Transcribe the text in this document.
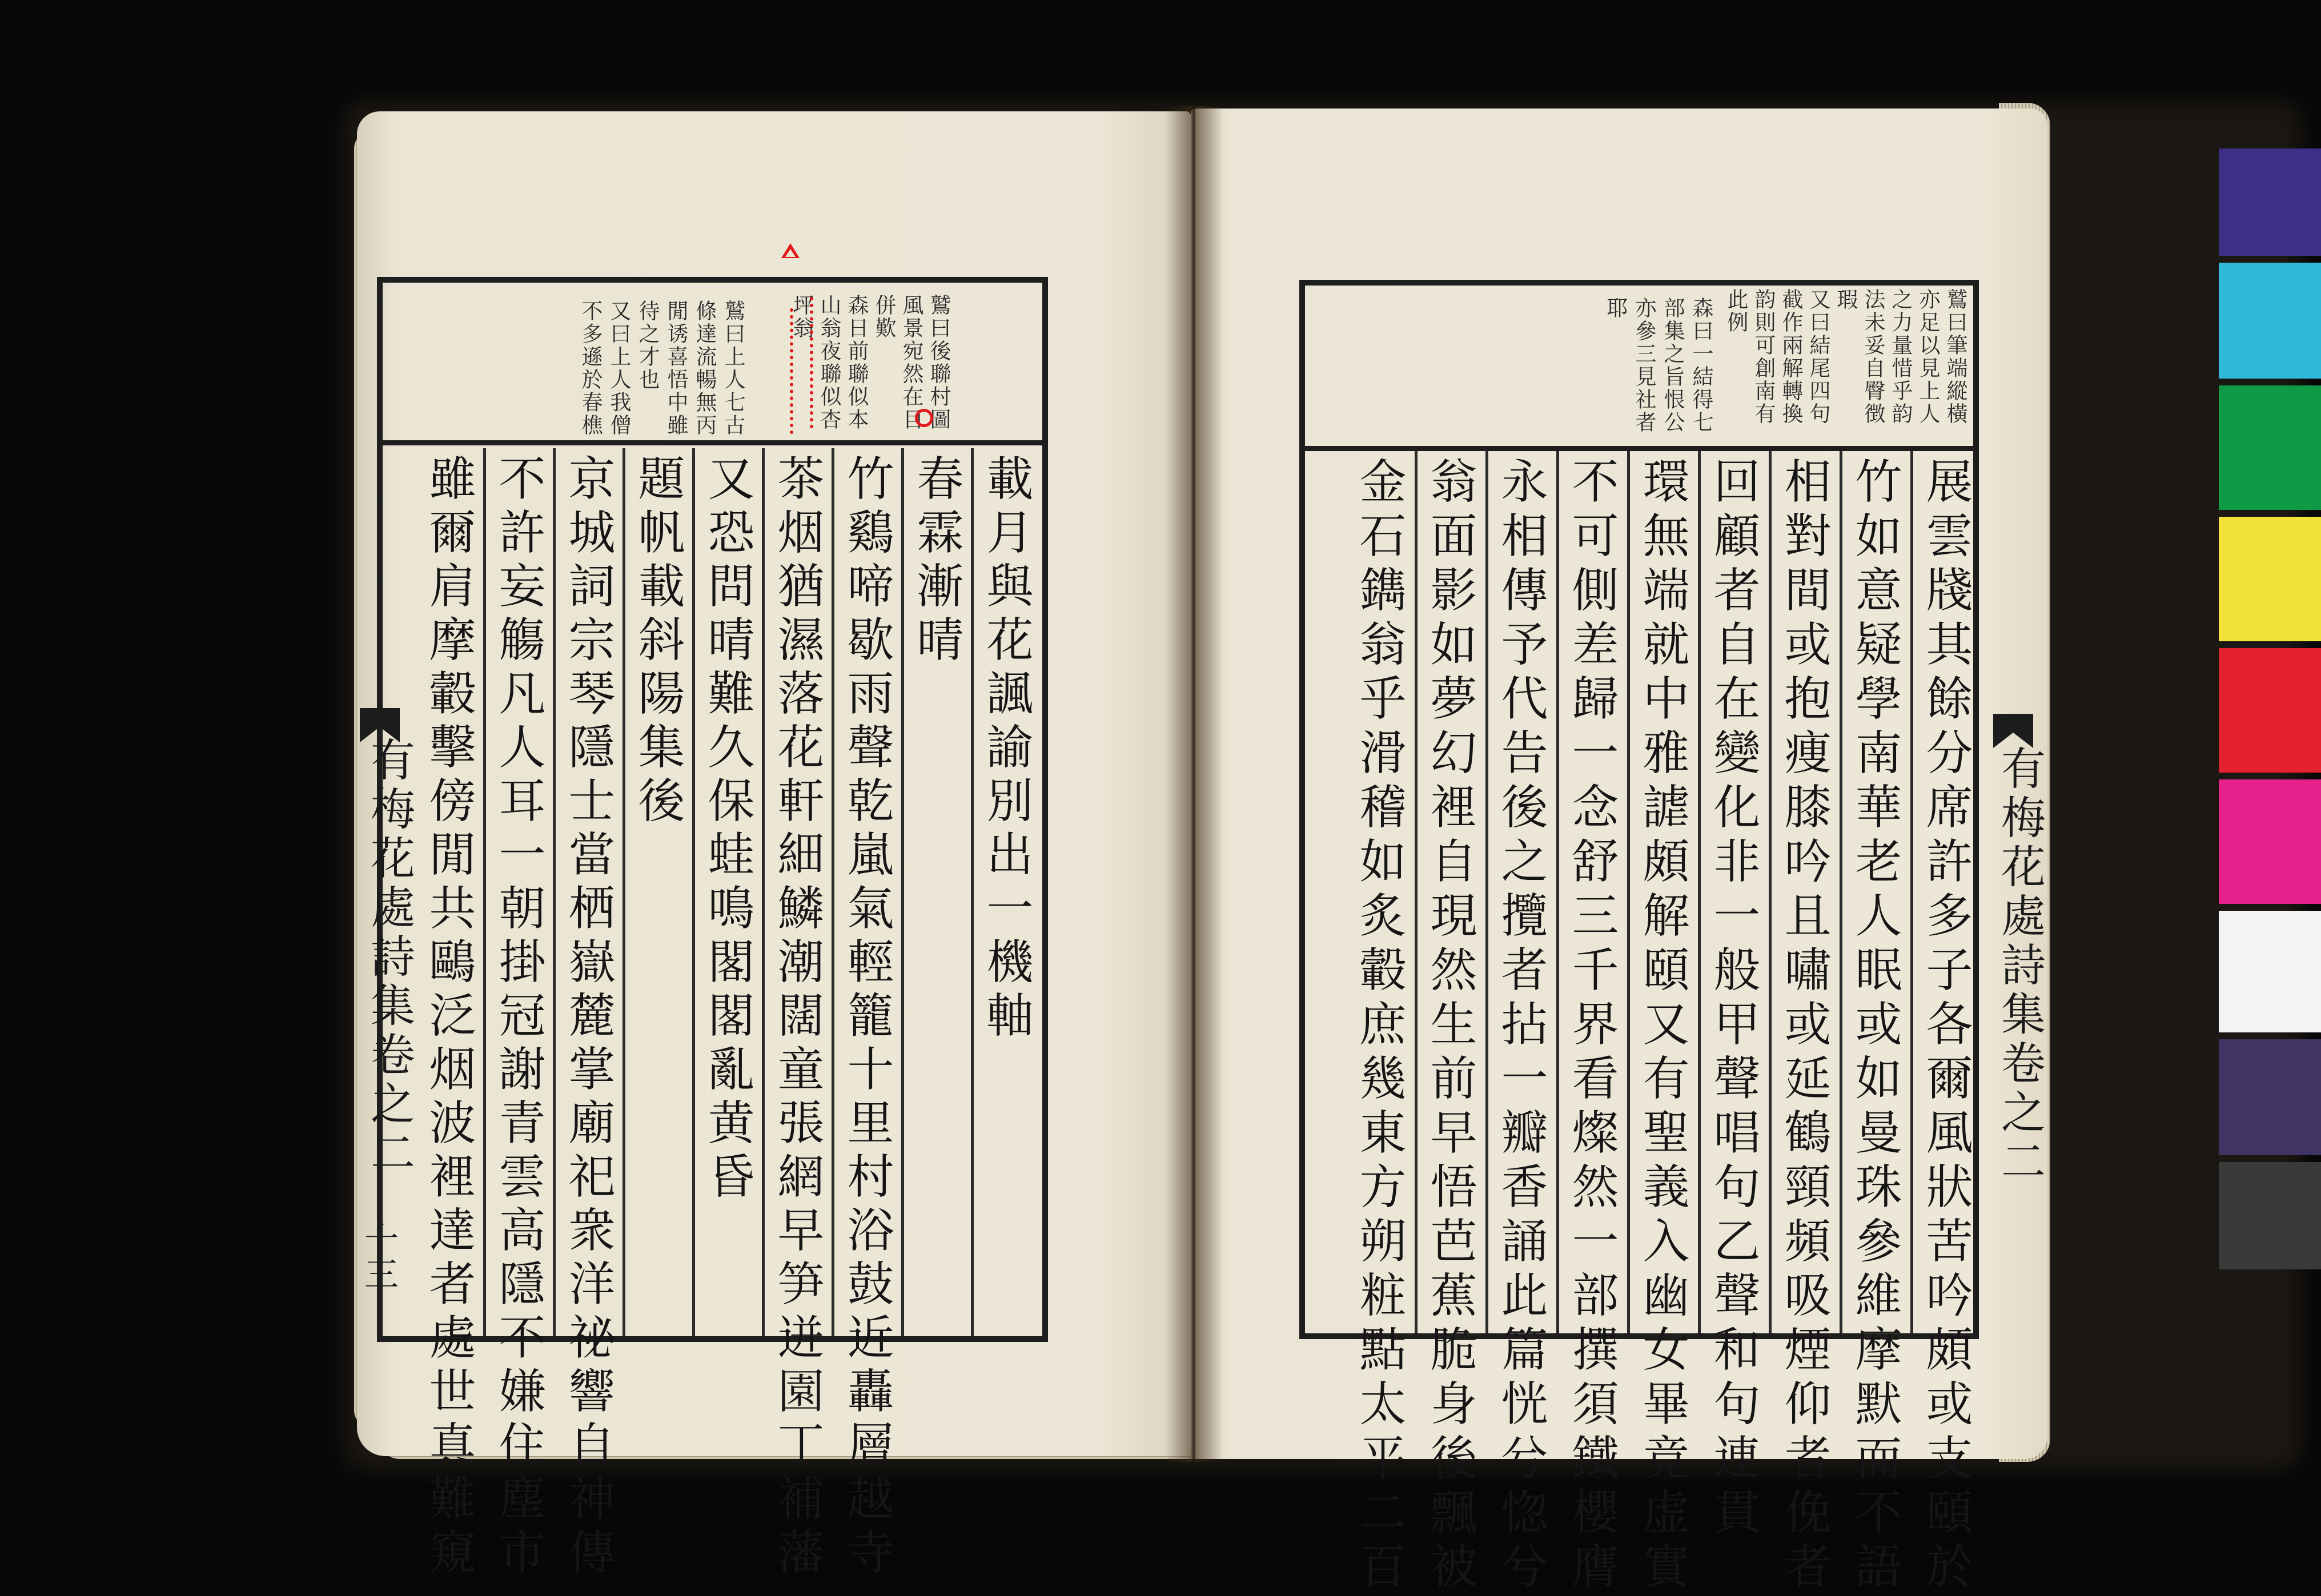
有梅花處詩集卷之二
十三
載月與花諷諭別出一機軸
春霖漸晴
竹鷄啼歇雨聲乾嵐氣輕籠十里村浴鼓近轟層越寺
茶烟猶濕落花軒細鱗潮闊童張網早笋迸園丁補藩
又恐問晴難久保蛙鳴閣閣亂黄昏
題帆載斜陽集後
京城詞宗琴隱士當栖嶽麓掌廟祀衆洋祕響自神傳
不許妄觴凡人耳一朝掛冠謝青雲高隱不嫌住塵市
雖爾肩摩轂擊傍閒共鷗泛烟波裡達者處世真難窺
鷲曰後聯村圖
風景宛然在目
併歎
森日前聯似本
山翁夜聯似杏
坪翁
鷲曰上人七古
條達流暢無丙
閒诱喜悟中雖
待之才也
又曰上人我僧
不多遜於春樵
有梅花處詩集卷之二
展雲牋其餘分席許多子各爾風狀苦吟頗或支頤於
竹如意疑學南華老人眠或如曼珠參維摩默而不語
相對間或抱痩膝吟且嘯或延鶴頸頻吸煙仰者俛者
回顧者自在變化非一般甲聲唱句乙聲和句連貫
環無端就中雅謔頗解頤又有聖義入幽女畢竟虚實
不可側差歸一念舒三千界看燦然一部撰須鐵櫻膺
永相傳予代告後之攬者拈一瓣香誦此篇恍兮惚兮
翁面影如夢幻裡自現然生前早悟芭蕉脆身後飄被
金石鐫翁乎滑稽如炙轂庶幾東方朔粧點太平二百
鷲曰筆端縱橫
亦足以見上人
之力量惜乎韵
法未妥自臀徴
瑕
又曰結尾四句
截作兩解轉換
韵則可創南有
此例
森曰一結得七
部集之旨恨公
亦參三見社者
耶
